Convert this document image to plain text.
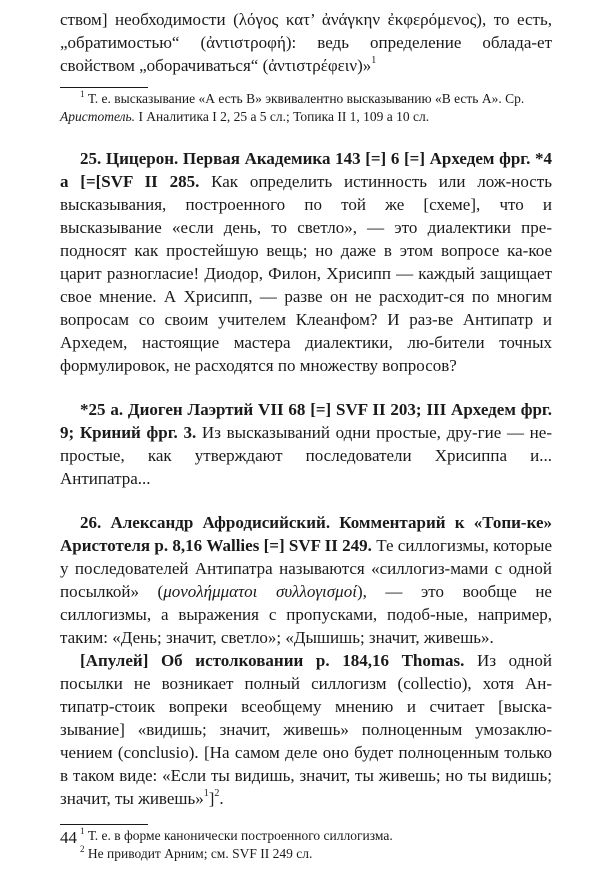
ством] необходимости (λόγος κατ’ ἀνάγκην ἐκφερόμενος), то есть, „обратимостью“ (ἀντιστροφή): ведь определение облада-ет свойством „оборачиваться“ (ἀντιστρέφειν)»$^1$

$^1$ Т. е. высказывание «А есть В» эквивалентно высказыванию «В есть А». Ср. Аристотель. I Аналитика I 2, 25 а 5 сл.; Топика II 1, 109 а 10 сл.

25. Цицерон. Первая Академика 143 [=] 6 [=] Архедем фрг. *4 а [=[SVF II 285. Как определить истинность или лож-ность высказывания, построенного по той же [схеме], что и высказывание «если день, то светло», — это диалектики пре-подносят как простейшую вещь; но даже в этом вопросе ка-кое царит разногласие! Диодор, Филон, Хрисипп — каждый защищает свое мнение. А Хрисипп, — разве он не расходит-ся по многим вопросам со своим учителем Клеанфом? И раз-ве Антипатр и Архедем, настоящие мастера диалектики, лю-бители точных формулировок, не расходятся по множеству вопросов?

*25 а. Диоген Лаэртий VII 68 [=] SVF II 203; III Архедем фрг. 9; Криний фрг. 3. Из высказываний одни простые, дру-гие — не-простые, как утверждают последователи Хрисиппа и... Антипатра...

26. Александр Афродисийский. Комментарий к «Топи-ке» Аристотеля р. 8,16 Wallies [=] SVF II 249. Те силлогизмы, которые у последователей Антипатра называются «силлогиз-мами с одной посылкой» (μονολήμματοι συλλογισμοί), — это вообще не силлогизмы, а выражения с пропусками, подоб-ные, например, таким: «День; значит, светло»; «Дышишь; значит, живешь».

[Апулей] Об истолковании р. 184,16 Thomas. Из одной посылки не возникает полный силлогизм (collectio), хотя Ан-типатр-стоик вопреки всеобщему мнению и считает [выска-зывание] «видишь; значит, живешь» полноценным умозаклю-чением (conclusio). [На самом деле оно будет полноценным только в таком виде: «Если ты видишь, значит, ты живешь; но ты видишь; значит, ты живешь»$^1$]$^2$.

$^1$ Т. е. в форме канонически построенного силлогизма.

$^2$ Не приводит Арним; см. SVF II 249 сл.

44
